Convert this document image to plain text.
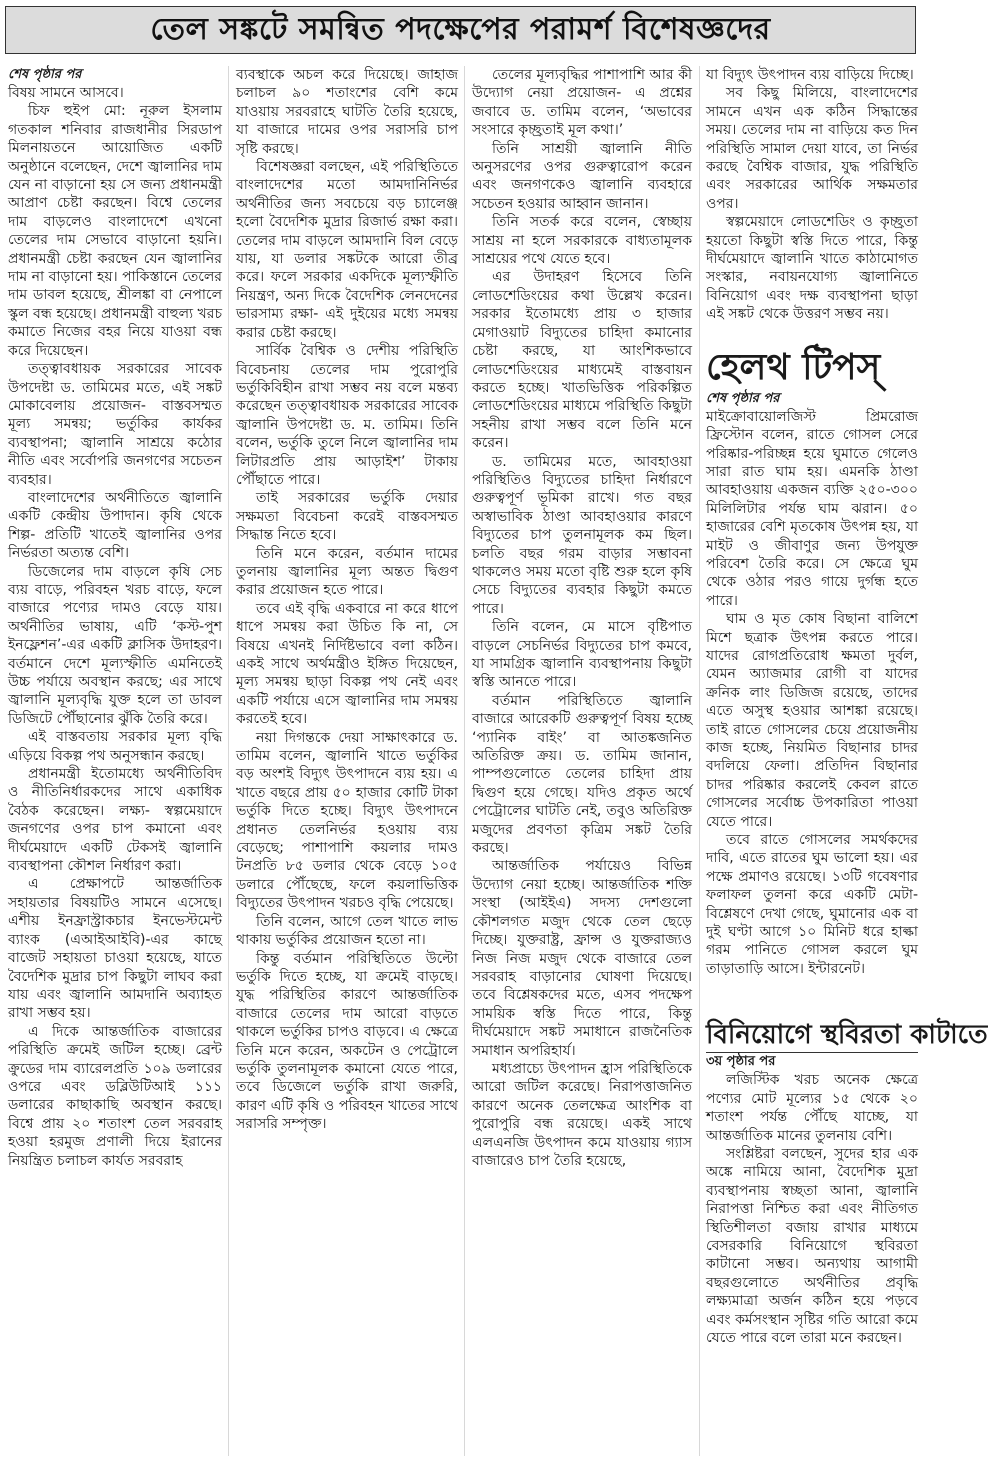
তেল সঙ্কটে সমন্বিত পদক্ষেপের পরামর্শ বিশেষজ্ঞদের
শেষ পৃষ্ঠার পর

বিষয় সামনে আসবে।

চিফ হুইপ মো: নূরুল ইসলাম গতকাল শনিবার রাজধানীর সিরডাপ মিলনায়তনে আয়োজিত একটি অনুষ্ঠানে বলেছেন, দেশে জ্বালানির দাম যেন না বাড়ানো হয় সে জন্য প্রধানমন্ত্রী আপ্রাণ চেষ্টা করছেন। বিশ্বে তেলের দাম বাড়লেও বাংলাদেশে এখনো তেলের দাম সেভাবে বাড়ানো হয়নি। প্রধানমন্ত্রী চেষ্টা করছেন যেন জ্বালানির দাম না বাড়ানো হয়। পাকিস্তানে তেলের দাম ডাবল হয়েছে, শ্রীলঙ্কা বা নেপালে স্কুল বন্ধ হয়েছে। প্রধানমন্ত্রী বাহুল্য খরচ কমাতে নিজের বহর নিয়ে যাওয়া বন্ধ করে দিয়েছেন।

তত্ত্বাবধায়ক সরকারের সাবেক উপদেষ্টা ড. তামিমের মতে, এই সঙ্কট মোকাবেলায় প্রয়োজন- বাস্তবসম্মত মূল্য সমন্বয়; ভর্তুকির কার্যকর ব্যবস্থাপনা; জ্বালানি সাশ্রয়ে কঠোর নীতি এবং সর্বোপরি জনগণের সচেতন ব্যবহার।

বাংলাদেশের অর্থনীতিতে জ্বালানি একটি কেন্দ্রীয় উপাদান। কৃষি থেকে শিল্প- প্রতিটি খাতেই জ্বালানির ওপর নির্ভরতা অত্যন্ত বেশি।

ডিজেলের দাম বাড়লে কৃষি সেচ ব্যয় বাড়ে, পরিবহন খরচ বাড়ে, ফলে বাজারে পণ্যের দামও বেড়ে যায়। অর্থনীতির ভাষায়, এটি ‘কস্ট-পুশ ইনফ্লেশন’-এর একটি ক্লাসিক উদাহরণ। বর্তমানে দেশে মূল্যস্ফীতি এমনিতেই উচ্চ পর্যায়ে অবস্থান করছে; এর সাথে জ্বালানি মূল্যবৃদ্ধি যুক্ত হলে তা ডাবল ডিজিটে পৌঁছানোর ঝুঁকি তৈরি করে।

এই বাস্তবতায় সরকার মূল্য বৃদ্ধি এড়িয়ে বিকল্প পথ অনুসন্ধান করছে।

প্রধানমন্ত্রী ইতোমধ্যে অর্থনীতিবিদ ও নীতিনির্ধারকদের সাথে একাধিক বৈঠক করেছেন। লক্ষ্য- স্বল্পমেয়াদে জনগণের ওপর চাপ কমানো এবং দীর্ঘমেয়াদে একটি টেকসই জ্বালানি ব্যবস্থাপনা কৌশল নির্ধারণ করা।

এ প্রেক্ষাপটে আন্তর্জাতিক সহায়তার বিষয়টিও সামনে এসেছে। এশীয় ইনফ্রাস্ট্রাকচার ইনভেস্টমেন্ট ব্যাংক (এআইআইবি)-এর কাছে বাজেট সহায়তা চাওয়া হয়েছে, যাতে বৈদেশিক মুদ্রার চাপ কিছুটা লাঘব করা যায় এবং জ্বালানি আমদানি অব্যাহত রাখা সম্ভব হয়।

এ দিকে আন্তর্জাতিক বাজারের পরিস্থিতি ক্রমেই জটিল হচ্ছে। ব্রেন্ট ক্রুডের দাম ব্যারেলপ্রতি ১০৯ ডলারের ওপরে এবং ডব্লিউটিআই ১১১ ডলারের কাছাকাছি অবস্থান করছে। বিশ্বে প্রায় ২০ শতাংশ তেল সরবরাহ হওয়া হরমুজ প্রণালী দিয়ে ইরানের নিয়ন্ত্রিত চলাচল কার্যত সরবরাহ

ব্যবস্থাকে অচল করে দিয়েছে। জাহাজ চলাচল ৯০ শতাংশের বেশি কমে যাওয়ায় সরবরাহে ঘাটতি তৈরি হয়েছে, যা বাজারে দামের ওপর সরাসরি চাপ সৃষ্টি করছে।

বিশেষজ্ঞরা বলছেন, এই পরিস্থিতিতে বাংলাদেশের মতো আমদানিনির্ভর অর্থনীতির জন্য সবচেয়ে বড় চ্যালেঞ্জ হলো বৈদেশিক মুদ্রার রিজার্ভ রক্ষা করা। তেলের দাম বাড়লে আমদানি বিল বেড়ে যায়, যা ডলার সঙ্কটকে আরো তীব্র করে। ফলে সরকার একদিকে মূল্যস্ফীতি নিয়ন্ত্রণ, অন্য দিকে বৈদেশিক লেনদেনের ভারসাম্য রক্ষা- এই দুইয়ের মধ্যে সমন্বয় করার চেষ্টা করছে।

সার্বিক বৈশ্বিক ও দেশীয় পরিস্থিতি বিবেচনায় তেলের দাম পুরোপুরি ভর্তুকিবিহীন রাখা সম্ভব নয় বলে মন্তব্য করেছেন তত্ত্বাবধায়ক সরকারের সাবেক জ্বালানি উপদেষ্টা ড. ম. তামিম। তিনি বলেন, ভর্তুকি তুলে নিলে জ্বালানির দাম লিটারপ্রতি প্রায় আড়াইশ’ টাকায় পৌঁছাতে পারে।

তাই সরকারের ভর্তুকি দেয়ার সক্ষমতা বিবেচনা করেই বাস্তবসম্মত সিদ্ধান্ত নিতে হবে।

তিনি মনে করেন, বর্তমান দামের তুলনায় জ্বালানির মূল্য অন্তত দ্বিগুণ করার প্রয়োজন হতে পারে।

তবে এই বৃদ্ধি একবারে না করে ধাপে ধাপে সমন্বয় করা উচিত কি না, সে বিষয়ে এখনই নির্দিষ্টভাবে বলা কঠিন। একই সাথে অর্থমন্ত্রীও ইঙ্গিত দিয়েছেন, মূল্য সমন্বয় ছাড়া বিকল্প পথ নেই এবং একটি পর্যায়ে এসে জ্বালানির দাম সমন্বয় করতেই হবে।

নয়া দিগন্তকে দেয়া সাক্ষাৎকারে ড. তামিম বলেন, জ্বালানি খাতে ভর্তুকির বড় অংশই বিদ্যুৎ উৎপাদনে ব্যয় হয়। এ খাতে বছরে প্রায় ৫০ হাজার কোটি টাকা ভর্তুকি দিতে হচ্ছে। বিদ্যুৎ উৎপাদনে প্রধানত তেলনির্ভর হওয়ায় ব্যয় বেড়েছে; পাশাপাশি কয়লার দামও টনপ্রতি ৮৫ ডলার থেকে বেড়ে ১০৫ ডলারে পৌঁছেছে, ফলে কয়লাভিত্তিক বিদ্যুতের উৎপাদন খরচও বৃদ্ধি পেয়েছে।

তিনি বলেন, আগে তেল খাতে লাভ থাকায় ভর্তুকির প্রয়োজন হতো না।

কিন্তু বর্তমান পরিস্থিতিতে উল্টো ভর্তুকি দিতে হচ্ছে, যা ক্রমেই বাড়ছে। যুদ্ধ পরিস্থিতির কারণে আন্তর্জাতিক বাজারে তেলের দাম আরো বাড়তে থাকলে ভর্তুকির চাপও বাড়বে। এ ক্ষেত্রে তিনি মনে করেন, অকটেন ও পেট্রোলে ভর্তুকি তুলনামূলক কমানো যেতে পারে, তবে ডিজেলে ভর্তুকি রাখা জরুরি, কারণ এটি কৃষি ও পরিবহন খাতের সাথে সরাসরি সম্পৃক্ত।

তেলের মূল্যবৃদ্ধির পাশাপাশি আর কী উদ্যোগ নেয়া প্রয়োজন- এ প্রশ্নের জবাবে ড. তামিম বলেন, ‘অভাবের সংসারে কৃচ্ছ্রতাই মূল কথা।’

তিনি সাশ্রয়ী জ্বালানি নীতি অনুসরণের ওপর গুরুত্বারোপ করেন এবং জনগণকেও জ্বালানি ব্যবহারে সচেতন হওয়ার আহ্বান জানান।

তিনি সতর্ক করে বলেন, স্বেচ্ছায় সাশ্রয় না হলে সরকারকে বাধ্যতামূলক সাশ্রয়ের পথে যেতে হবে।

এর উদাহরণ হিসেবে তিনি লোডশেডিংয়ের কথা উল্লেখ করেন। সরকার ইতোমধ্যে প্রায় ৩ হাজার মেগাওয়াট বিদ্যুতের চাহিদা কমানোর চেষ্টা করছে, যা আংশিকভাবে লোডশেডিংয়ের মাধ্যমেই বাস্তবায়ন করতে হচ্ছে। খাতভিত্তিক পরিকল্পিত লোডশেডিংয়ের মাধ্যমে পরিস্থিতি কিছুটা সহনীয় রাখা সম্ভব বলে তিনি মনে করেন।

ড. তামিমের মতে, আবহাওয়া পরিস্থিতিও বিদ্যুতের চাহিদা নির্ধারণে গুরুত্বপূর্ণ ভূমিকা রাখে। গত বছর অস্বাভাবিক ঠাণ্ডা আবহাওয়ার কারণে বিদ্যুতের চাপ তুলনামূলক কম ছিল। চলতি বছর গরম বাড়ার সম্ভাবনা থাকলেও সময় মতো বৃষ্টি শুরু হলে কৃষি সেচে বিদ্যুতের ব্যবহার কিছুটা কমতে পারে।

তিনি বলেন, মে মাসে বৃষ্টিপাত বাড়লে সেচনির্ভর বিদ্যুতের চাপ কমবে, যা সামগ্রিক জ্বালানি ব্যবস্থাপনায় কিছুটা স্বস্তি আনতে পারে।

বর্তমান পরিস্থিতিতে জ্বালানি বাজারে আরেকটি গুরুত্বপূর্ণ বিষয় হচ্ছে ‘প্যানিক বাইং’ বা আতঙ্কজনিত অতিরিক্ত ক্রয়। ড. তামিম জানান, পাম্পগুলোতে তেলের চাহিদা প্রায় দ্বিগুণ হয়ে গেছে। যদিও প্রকৃত অর্থে পেট্রোলের ঘাটতি নেই, তবুও অতিরিক্ত মজুদের প্রবণতা কৃত্রিম সঙ্কট তৈরি করছে।

আন্তর্জাতিক পর্যায়েও বিভিন্ন উদ্যোগ নেয়া হচ্ছে। আন্তর্জাতিক শক্তি সংস্থা (আইইএ) সদস্য দেশগুলো কৌশলগত মজুদ থেকে তেল ছেড়ে দিচ্ছে। যুক্তরাষ্ট্র, ফ্রান্স ও যুক্তরাজ্যও নিজ নিজ মজুদ থেকে বাজারে তেল সরবরাহ বাড়ানোর ঘোষণা দিয়েছে। তবে বিশ্লেষকদের মতে, এসব পদক্ষেপ সাময়িক স্বস্তি দিতে পারে, কিন্তু দীর্ঘমেয়াদে সঙ্কট সমাধানে রাজনৈতিক সমাধান অপরিহার্য।

মধ্যপ্রাচ্যে উৎপাদন হ্রাস পরিস্থিতিকে আরো জটিল করেছে। নিরাপত্তাজনিত কারণে অনেক তেলক্ষেত্র আংশিক বা পুরোপুরি বন্ধ রয়েছে। একই সাথে এলএনজি উৎপাদন কমে যাওয়ায় গ্যাস বাজারেও চাপ তৈরি হয়েছে,

যা বিদ্যুৎ উৎপাদন ব্যয় বাড়িয়ে দিচ্ছে।

সব কিছু মিলিয়ে, বাংলাদেশের সামনে এখন এক কঠিন সিদ্ধান্তের সময়। তেলের দাম না বাড়িয়ে কত দিন পরিস্থিতি সামাল দেয়া যাবে, তা নির্ভর করছে বৈশ্বিক বাজার, যুদ্ধ পরিস্থিতি এবং সরকারের আর্থিক সক্ষমতার ওপর।

স্বল্পমেয়াদে লোডশেডিং ও কৃচ্ছ্রতা হয়তো কিছুটা স্বস্তি দিতে পারে, কিন্তু দীর্ঘমেয়াদে জ্বালানি খাতে কাঠামোগত সংস্কার, নবায়নযোগ্য জ্বালানিতে বিনিয়োগ এবং দক্ষ ব্যবস্থাপনা ছাড়া এই সঙ্কট থেকে উত্তরণ সম্ভব নয়।

হেলথ টিপস্
শেষ পৃষ্ঠার পর

মাইক্রোবায়োলজিস্ট প্রিমরোজ ফ্রিস্টোন বলেন, রাতে গোসল সেরে পরিষ্কার-পরিচ্ছন্ন হয়ে ঘুমাতে গেলেও সারা রাত ঘাম হয়। এমনকি ঠাণ্ডা আবহাওয়ায় একজন ব্যক্তি ২৫০-৩০০ মিলিলিটার পর্যন্ত ঘাম ঝরান। ৫০ হাজারের বেশি মৃতকোষ উৎপন্ন হয়, যা মাইট ও জীবাণুর জন্য উপযুক্ত পরিবেশ তৈরি করে। সে ক্ষেত্রে ঘুম থেকে ওঠার পরও গায়ে দুর্গন্ধ হতে পারে।

ঘাম ও মৃত কোষ বিছানা বালিশে মিশে ছত্রাক উৎপন্ন করতে পারে। যাদের রোগপ্রতিরোধ ক্ষমতা দুর্বল, যেমন অ্যাজমার রোগী বা যাদের ক্রনিক লাং ডিজিজ রয়েছে, তাদের এতে অসুস্থ হওয়ার আশঙ্কা রয়েছে। তাই রাতে গোসলের চেয়ে প্রয়োজনীয় কাজ হচ্ছে, নিয়মিত বিছানার চাদর বদলিয়ে ফেলা। প্রতিদিন বিছানার চাদর পরিষ্কার করলেই কেবল রাতে গোসলের সর্বোচ্চ উপকারিতা পাওয়া যেতে পারে।

তবে রাতে গোসলের সমর্থকদের দাবি, এতে রাতের ঘুম ভালো হয়। এর পক্ষে প্রমাণও রয়েছে। ১৩টি গবেষণার ফলাফল তুলনা করে একটি মেটা-বিশ্লেষণে দেখা গেছে, ঘুমানোর এক বা দুই ঘণ্টা আগে ১০ মিনিট ধরে হাল্কা গরম পানিতে গোসল করলে ঘুম তাড়াতাড়ি আসে। ইন্টারনেট।

বিনিয়োগে স্থবিরতা কাটাতে
৩য় পৃষ্ঠার পর

লজিস্টিক খরচ অনেক ক্ষেত্রে পণ্যের মোট মূল্যের ১৫ থেকে ২০ শতাংশ পর্যন্ত পৌঁছে যাচ্ছে, যা আন্তর্জাতিক মানের তুলনায় বেশি।

সংশ্লিষ্টরা বলছেন, সুদের হার এক অঙ্কে নামিয়ে আনা, বৈদেশিক মুদ্রা ব্যবস্থাপনায় স্বচ্ছতা আনা, জ্বালানি নিরাপত্তা নিশ্চিত করা এবং নীতিগত স্থিতিশীলতা বজায় রাখার মাধ্যমে বেসরকারি বিনিয়োগে স্থবিরতা কাটানো সম্ভব। অন্যথায় আগামী বছরগুলোতে অর্থনীতির প্রবৃদ্ধি লক্ষ্যমাত্রা অর্জন কঠিন হয়ে পড়বে এবং কর্মসংস্থান সৃষ্টির গতি আরো কমে যেতে পারে বলে তারা মনে করছেন।
